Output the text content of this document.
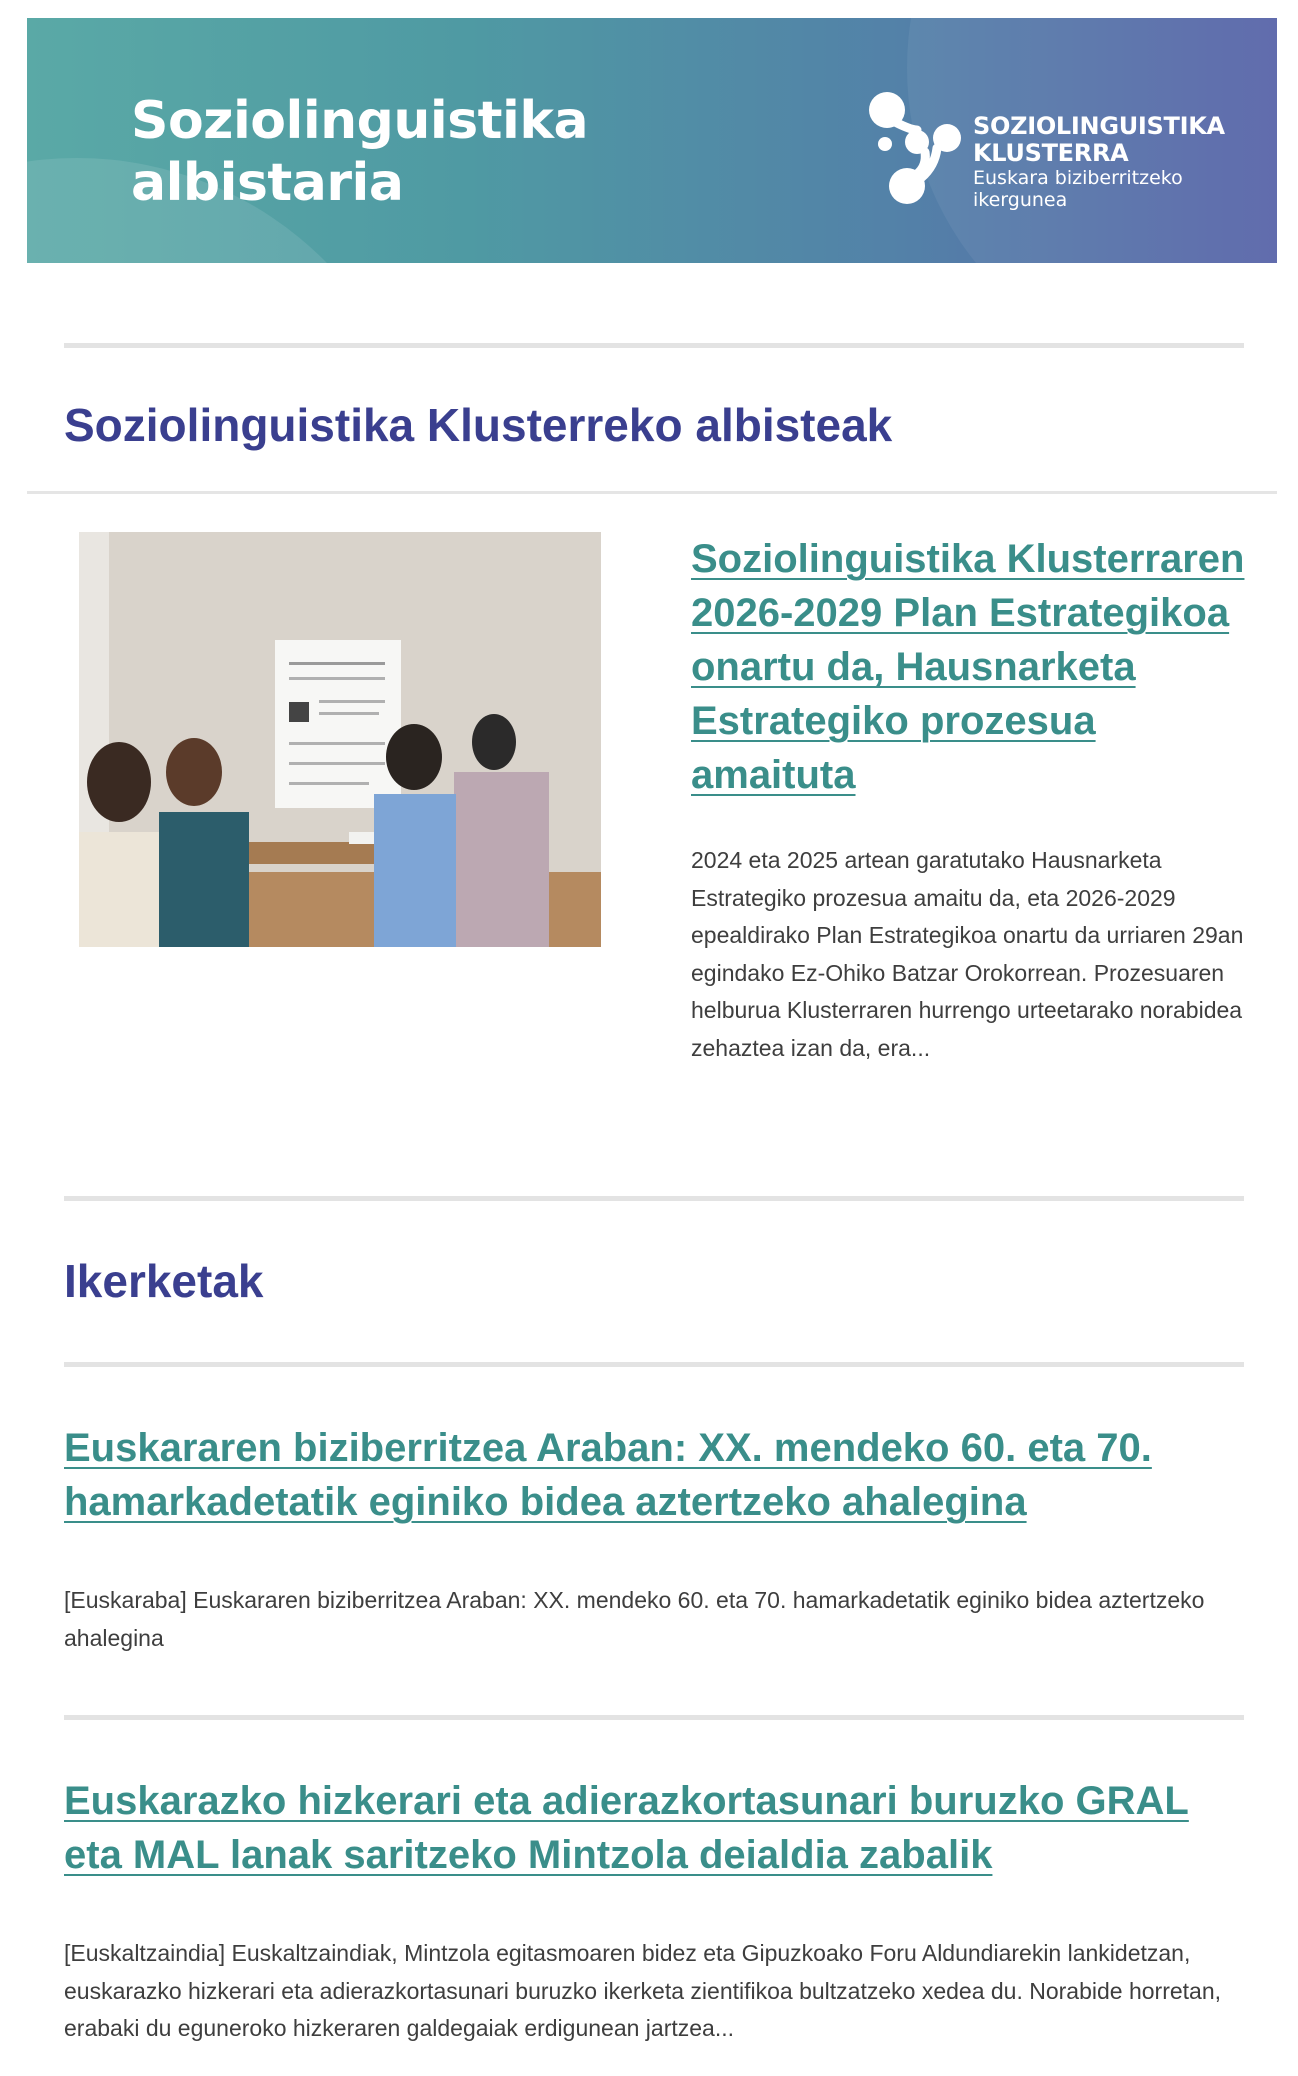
Soziolinguistika
albistaria
SOZIOLINGUISTIKA
KLUSTERRA
Euskara biziberritzeko
ikergunea
Soziolinguistika Klusterreko albisteak
Soziolinguistika Klusterraren 2026-2029 Plan Estrategikoa onartu da, Hausnarketa Estrategiko prozesua amaituta

2024 eta 2025 artean garatutako Hausnarketa Estrategiko prozesua amaitu da, eta 2026-2029 epealdirako Plan Estrategikoa onartu da urriaren 29an egindako Ez-Ohiko Batzar Orokorrean. Prozesuaren helburua Klusterraren hurrengo urteetarako norabidea zehaztea izan da, era...

Ikerketak
Euskararen biziberritzea Araban: XX. mendeko 60. eta 70. hamarkadetatik eginiko bidea aztertzeko ahalegina

[Euskaraba] Euskararen biziberritzea Araban: XX. mendeko 60. eta 70. hamarkadetatik eginiko bidea aztertzeko ahalegina

Euskarazko hizkerari eta adierazkortasunari buruzko GRAL eta MAL lanak saritzeko Mintzola deialdia zabalik

[Euskaltzaindia] Euskaltzaindiak, Mintzola egitasmoaren bidez eta Gipuzkoako Foru Aldundiarekin lankidetzan, euskarazko hizkerari eta adierazkortasunari buruzko ikerketa zientifikoa bultzatzeko xedea du. Norabide horretan, erabaki du eguneroko hizkeraren galdegaiak erdigunean jartzea...
